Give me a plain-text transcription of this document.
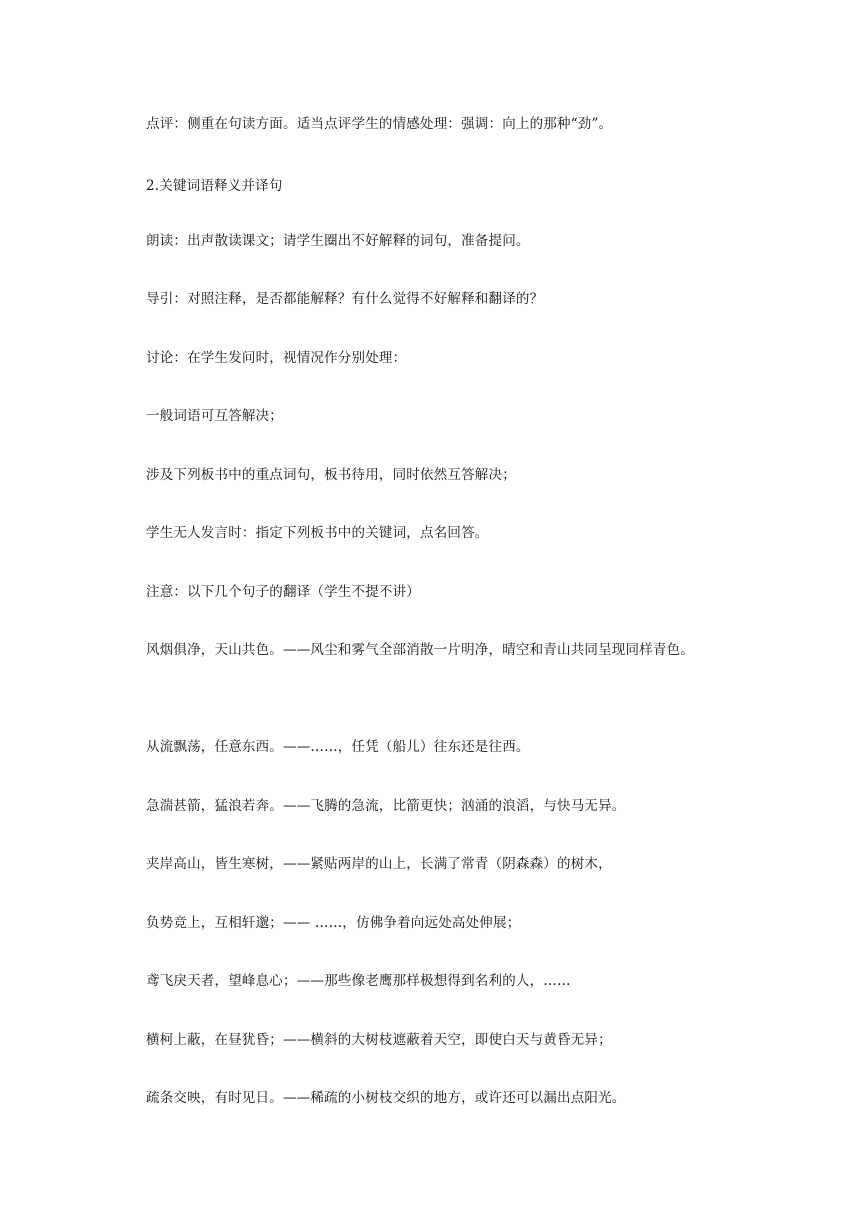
点评：侧重在句读方面。适当点评学生的情感处理：强调：向上的那种“劲”。

2.关键词语释义并译句

朗读：出声散读课文；请学生圈出不好解释的词句，准备提问。

导引：对照注释，是否都能解释？有什么觉得不好解释和翻译的？

讨论：在学生发问时，视情况作分别处理：

一般词语可互答解决；

涉及下列板书中的重点词句，板书待用，同时依然互答解决；

学生无人发言时：指定下列板书中的关键词，点名回答。

注意：以下几个句子的翻译（学生不提不讲）

风烟俱净，天山共色。——风尘和雾气全部消散一片明净，晴空和青山共同呈现同样青色。

从流飘荡，任意东西。——……，任凭（船儿）往东还是往西。

急湍甚箭，猛浪若奔。——飞腾的急流，比箭更快；汹涌的浪滔，与快马无异。

夹岸高山，皆生寒树，——紧贴两岸的山上，长满了常青（阴森森）的树木，

负势竞上，互相轩邈；—— ……，仿佛争着向远处高处伸展；

鸢飞戾天者，望峰息心；——那些像老鹰那样极想得到名利的人，……

横柯上蔽，在昼犹昏；——横斜的大树枝遮蔽着天空，即使白天与黄昏无异；

疏条交映，有时见日。——稀疏的小树枝交织的地方，或许还可以漏出点阳光。
